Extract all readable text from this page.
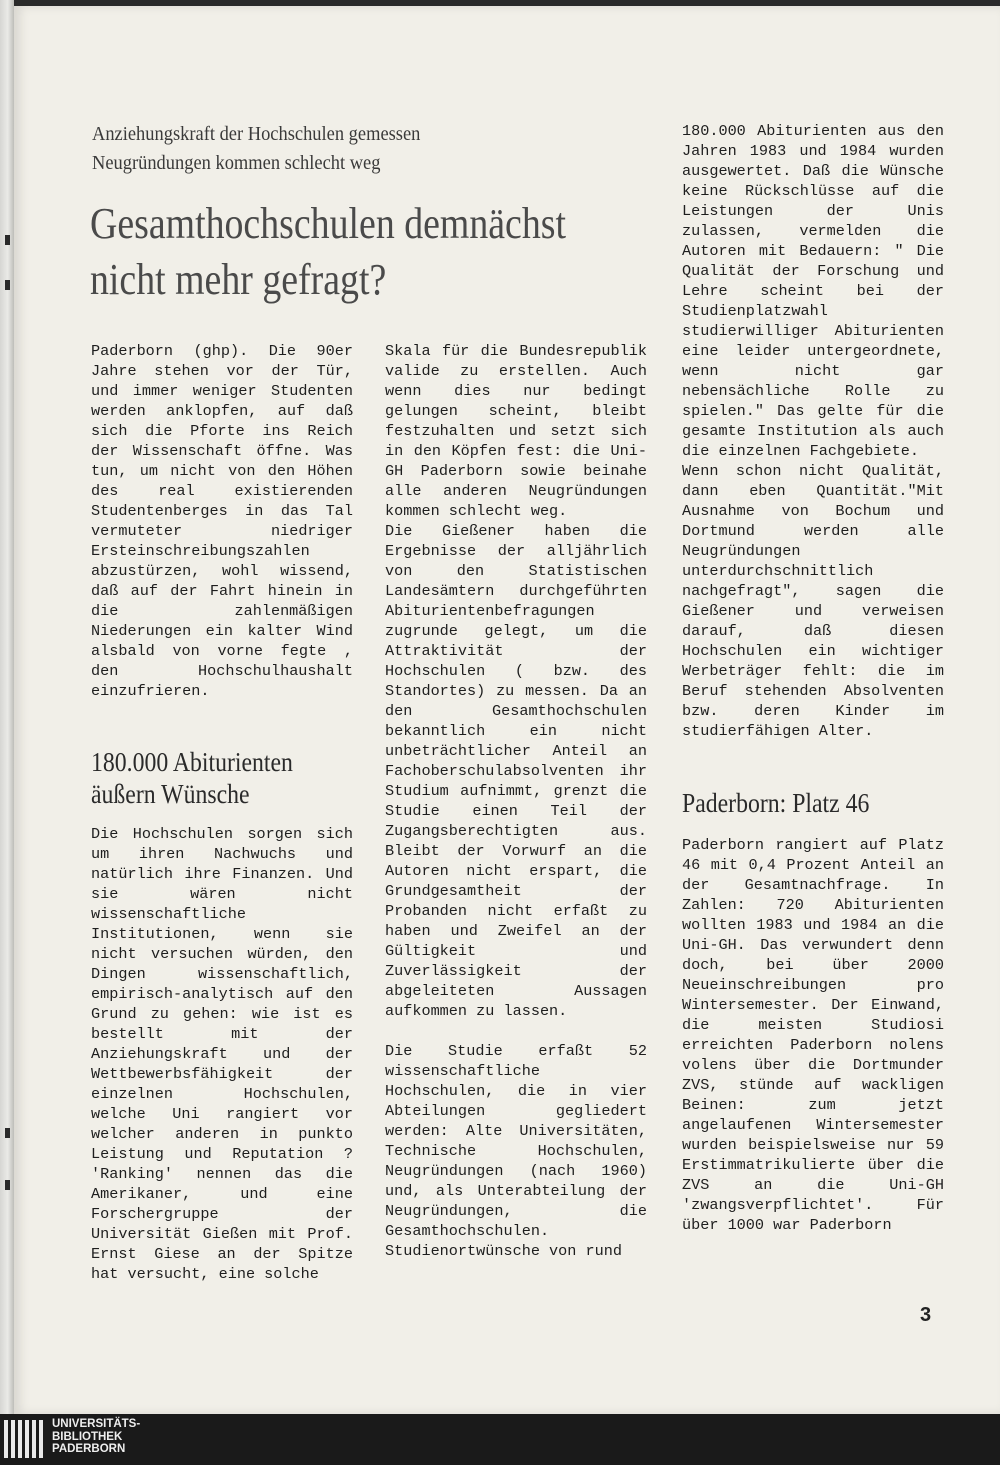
Anziehungskraft der Hochschulen gemessen
Neugründungen kommen schlecht weg
Gesamthochschulen demnächst
nicht mehr gefragt?

Paderborn (ghp). Die 90er Jahre stehen vor der Tür, und immer weniger Studenten werden anklopfen, auf daß sich die Pforte ins Reich der Wissenschaft öffne. Was tun, um nicht von den Höhen des real existierenden Studentenberges in das Tal vermuteter niedriger Ersteinschreibungszahlen abzustürzen, wohl wissend, daß auf der Fahrt hinein in die zahlenmäßigen Niederungen ein kalter Wind alsbald von vorne fegte , den Hochschulhaushalt einzufrieren.

180.000 Abiturienten
äußern Wünsche

Die Hochschulen sorgen sich um ihren Nachwuchs und natürlich ihre Finanzen. Und sie wären nicht wissenschaftliche Institutionen, wenn sie nicht versuchen würden, den Dingen wissenschaftlich, empirisch-analytisch auf den Grund zu gehen: wie ist es bestellt mit der Anziehungskraft und der Wettbewerbsfähigkeit der einzelnen Hochschulen, welche Uni rangiert vor welcher anderen in punkto Leistung und Reputation ? 'Ranking' nennen das die Amerikaner, und eine Forschergruppe der Universität Gießen mit Prof. Ernst Giese an der Spitze hat versucht, eine solche

Skala für die Bundesrepublik valide zu erstellen. Auch wenn dies nur bedingt gelungen scheint, bleibt festzuhalten und setzt sich in den Köpfen fest: die Uni-GH Paderborn sowie beinahe alle anderen Neugründungen kommen schlecht weg.

Die Gießener haben die Ergebnisse der alljährlich von den Statistischen Landesämtern durchgeführten Abiturientenbefragungen zugrunde gelegt, um die Attraktivität der Hochschulen ( bzw. des Standortes) zu messen. Da an den Gesamthochschulen bekanntlich ein nicht unbeträchtlicher Anteil an Fachoberschulabsolventen ihr Studium aufnimmt, grenzt die Studie einen Teil der Zugangsberechtigten aus. Bleibt der Vorwurf an die Autoren nicht erspart, die Grundgesamtheit der Probanden nicht erfaßt zu haben und Zweifel an der Gültigkeit und Zuverlässigkeit der abgeleiteten Aussagen aufkommen zu lassen.

Die Studie erfaßt 52 wissenschaftliche Hochschulen, die in vier Abteilungen gegliedert werden: Alte Universitäten, Technische Hochschulen, Neugründungen (nach 1960) und, als Unterabteilung der Neugründungen, die Gesamthochschulen. Studienortwünsche von rund

180.000 Abiturienten aus den Jahren 1983 und 1984 wurden ausgewertet. Daß die Wünsche keine Rückschlüsse auf die Leistungen der Unis zulassen, vermelden die Autoren mit Bedauern: " Die Qualität der Forschung und Lehre scheint bei der Studienplatzwahl studierwilliger Abiturienten eine leider untergeordnete, wenn nicht gar nebensächliche Rolle zu spielen." Das gelte für die gesamte Institution als auch die einzelnen Fachgebiete.

Wenn schon nicht Qualität, dann eben Quantität."Mit Ausnahme von Bochum und Dortmund werden alle Neugründungen unterdurchschnittlich nachgefragt", sagen die Gießener und verweisen darauf, daß diesen Hochschulen ein wichtiger Werbeträger fehlt: die im Beruf stehenden Absolventen bzw. deren Kinder im studierfähigen Alter.

Paderborn: Platz 46

Paderborn rangiert auf Platz 46 mit 0,4 Prozent Anteil an der Gesamtnachfrage. In Zahlen: 720 Abiturienten wollten 1983 und 1984 an die Uni-GH. Das verwundert denn doch, bei über 2000 Neueinschreibungen pro Wintersemester. Der Einwand, die meisten Studiosi erreichten Paderborn nolens volens über die Dortmunder ZVS, stünde auf wackligen Beinen: zum jetzt angelaufenen Wintersemester wurden beispielsweise nur 59 Erstimmatrikulierte über die ZVS an die Uni-GH 'zwangsverpflichtet'. Für über 1000 war Paderborn

3
UNIVERSITÄTS-
BIBLIOTHEK
PADERBORN
